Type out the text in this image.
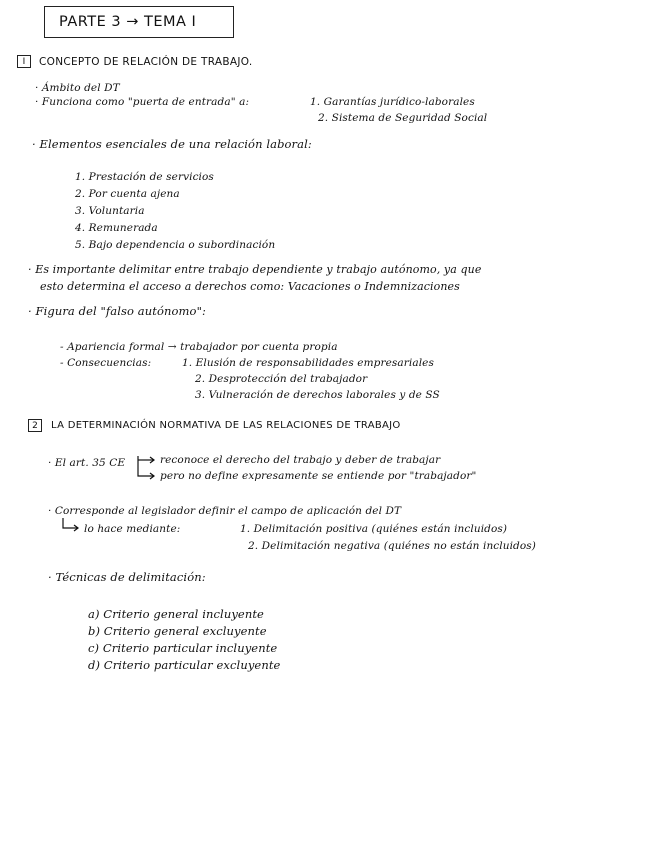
PARTE 3 → TEMA I
I	CONCEPTO DE RELACIÓN DE TRABAJO.
· Ámbito del DT
· Funciona como "puerta de entrada" a:	1. Garantías jurídico-laborales
2. Sistema de Seguridad Social
· Elementos esenciales de una relación laboral:
1. Prestación de servicios
2. Por cuenta ajena
3. Voluntaria
4. Remunerada
5. Bajo dependencia o subordinación
· Es importante delimitar entre trabajo dependiente y trabajo autónomo, ya que
esto determina el acceso a derechos como: Vacaciones o Indemnizaciones
· Figura del "falso autónomo":
- Apariencia formal → trabajador por cuenta propia
- Consecuencias:	1. Elusión de responsabilidades empresariales
2. Desprotección del trabajador
3. Vulneración de derechos laborales y de SS
2	LA DETERMINACIÓN NORMATIVA DE LAS RELACIONES DE TRABAJO
· El art. 35 CE	reconoce el derecho del trabajo y deber de trabajar
pero no define expresamente se entiende por "trabajador"
· Corresponde al legislador definir el campo de aplicación del DT
lo hace mediante:	1. Delimitación positiva (quiénes están incluidos)
2. Delimitación negativa (quiénes no están incluidos)
· Técnicas de delimitación:
a) Criterio general incluyente
b) Criterio general excluyente
c) Criterio particular incluyente
d) Criterio particular excluyente
